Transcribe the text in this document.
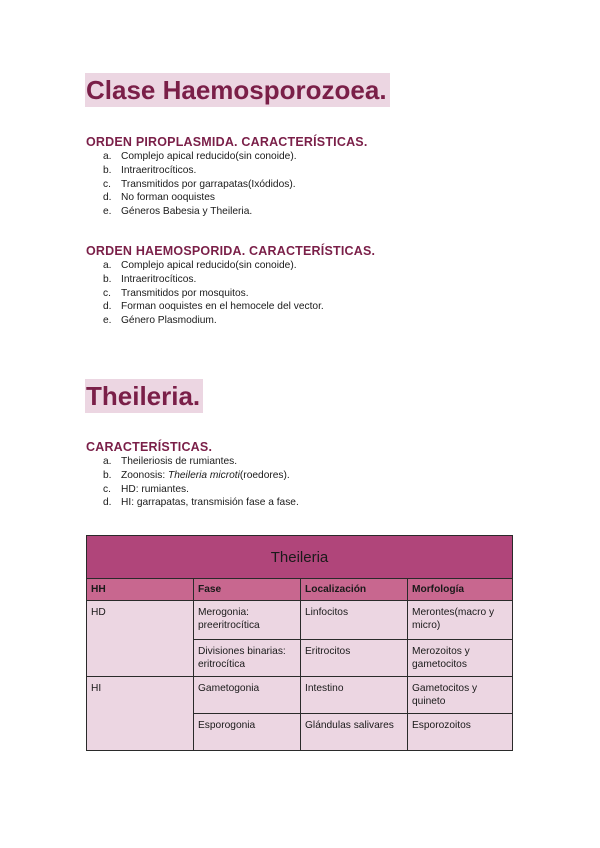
Clase Haemosporozoea.
ORDEN PIROPLASMIDA. CARACTERÍSTICAS.
a. Complejo apical reducido(sin conoide).
b. Intraeritrocíticos.
c. Transmitidos por garrapatas(Ixódidos).
d. No forman ooquistes
e. Géneros Babesia y Theileria.
ORDEN HAEMOSPORIDA. CARACTERÍSTICAS.
a. Complejo apical reducido(sin conoide).
b. Intraeritrocíticos.
c. Transmitidos por mosquitos.
d. Forman ooquistes en el hemocele del vector.
e. Género Plasmodium.
Theileria.
CARACTERÍSTICAS.
a. Theileriosis de rumiantes.
b. Zoonosis: Theileria microti(roedores).
c. HD: rumiantes.
d. HI: garrapatas, transmisión fase a fase.
Theileria			
HH	Fase	Localización	Morfología
HD	Merogonia: preeritrocítica	Linfocitos	Merontes(macro y micro)
	Divisiones binarias: eritrocítica	Eritrocitos	Merozoitos y gametocitos
HI	Gametogonia	Intestino	Gametocitos y quineto
	Esporogonia	Glándulas salivares	Esporozoitos
